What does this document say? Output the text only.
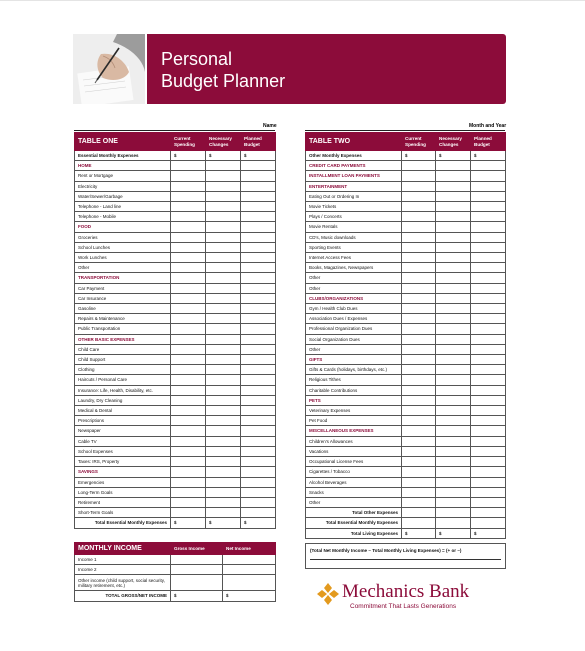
Personal
Budget Planner
Name	Month and Year
TABLE ONE	Current Spending	Necessary Changes	Planned Budget
Essential Monthly Expenses	$	$	$
HOME			
Rent or Mortgage			
Electricity			
Water/Sewer/Garbage			
Telephone - Land line			
Telephone - Mobile			
FOOD			
Groceries			
School Lunches			
Work Lunches			
Other			
TRANSPORTATION			
Car Payment			
Car Insurance			
Gasoline			
Repairs & Maintenance			
Public Transportation			
OTHER BASIC EXPENSES			
Child Care			
Child Support			
Clothing			
Haircuts / Personal Care			
Insurance: Life, Health, Disability, etc.			
Laundry, Dry Cleaning			
Medical & Dental			
Prescriptions			
Newspaper			
Cable TV			
School Expenses			
Taxes: IRS, Property			
SAVINGS			
Emergencies			
Long-Term Goals			
Retirement			
Short-Term Goals			
Total Essential Monthly Expenses	$	$	$
TABLE TWO	Current Spending	Necessary Changes	Planned Budget
Other Monthly Expenses	$	$	$
CREDIT CARD PAYMENTS			
INSTALLMENT LOAN PAYMENTS			
ENTERTAINMENT			
Eating Out or Ordering In			
Movie Tickets			
Plays / Concerts			
Movie Rentals			
CD's, Music downloads			
Sporting Events			
Internet Access Fees			
Books, Magazines, Newspapers			
Other			
Other			
CLUBS/ORGANIZATIONS			
Gym / Health Club Dues			
Association Dues / Expenses			
Professional Organization Dues			
Social Organization Dues			
Other			
GIFTS			
Gifts & Cards (holidays, birthdays, etc.)			
Religious Tithes			
Charitable Contributions			
PETS			
Veterinary Expenses			
Pet Food			
MISCELLANEOUS EXPENSES			
Children's Allowances			
Vacations			
Occupational License Fees			
Cigarettes / Tobacco			
Alcohol Beverages			
Snacks			
Other			
Total Other Expenses			
Total Essential Monthly Expenses			
Total Living Expenses	$	$	$
MONTHLY INCOME	Gross Income	Net Income
Income 1		
Income 2		
Other income (child support, social security, military retirement, etc.)		
TOTAL GROSS/NET INCOME	$	$
(Total Net Monthly Income – Total Monthly Living Expenses) = (+ or –)
Mechanics Bank
Commitment That Lasts Generations
